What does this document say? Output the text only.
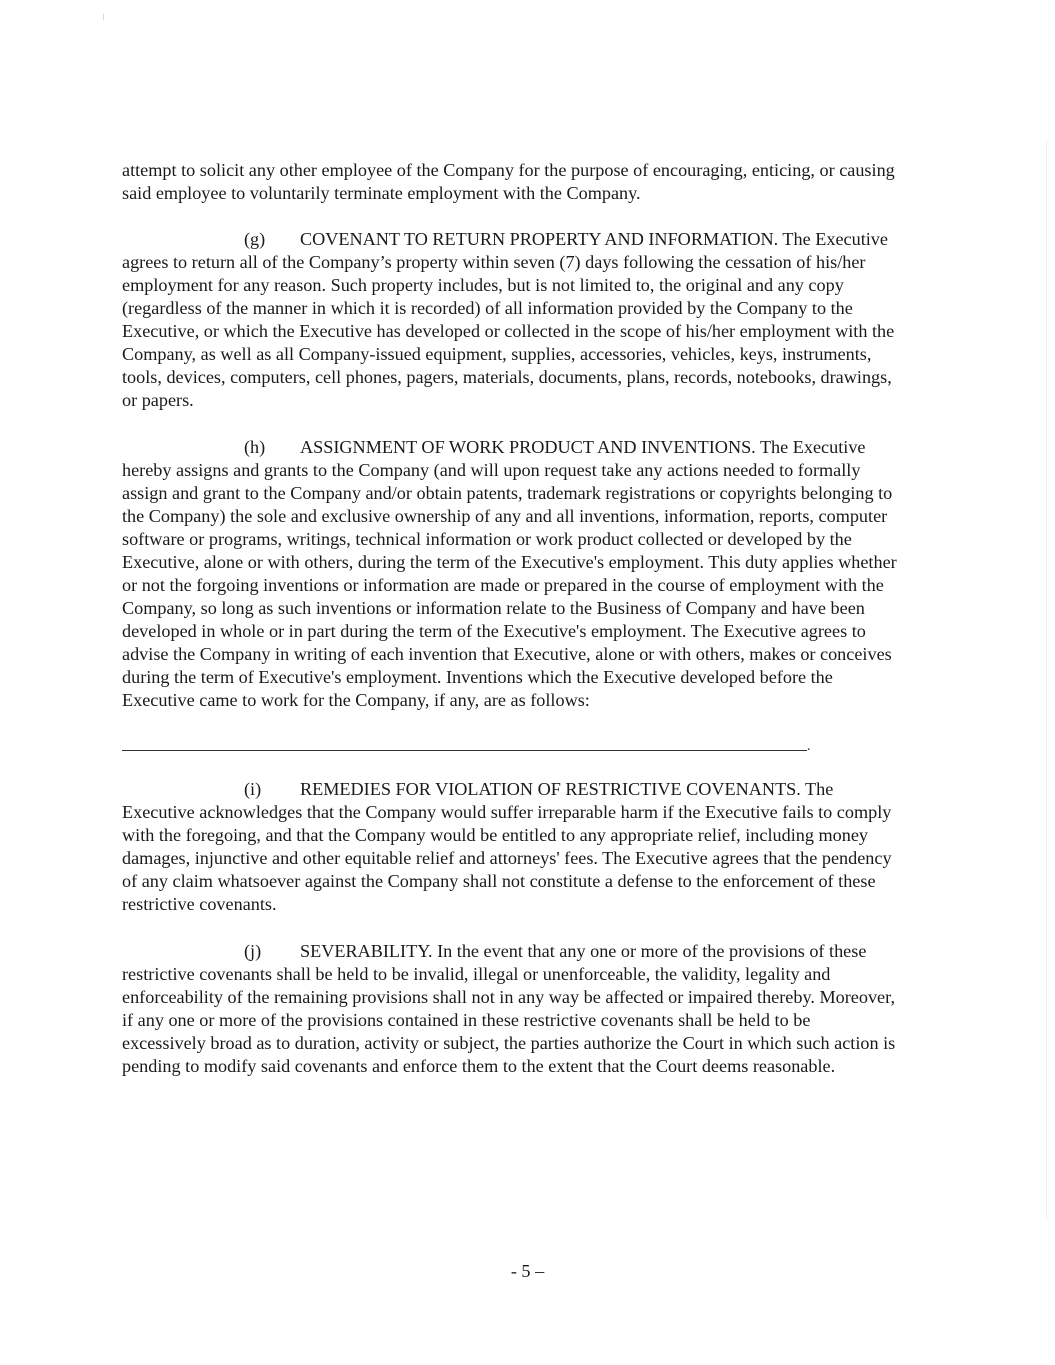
attempt to solicit any other employee of the Company for the purpose of encouraging, enticing, or causing said employee to voluntarily terminate employment with the Company.

(g) COVENANT TO RETURN PROPERTY AND INFORMATION. The Executive agrees to return all of the Company’s property within seven (7) days following the cessation of his/her employment for any reason. Such property includes, but is not limited to, the original and any copy (regardless of the manner in which it is recorded) of all information provided by the Company to the Executive, or which the Executive has developed or collected in the scope of his/her employment with the Company, as well as all Company-issued equipment, supplies, accessories, vehicles, keys, instruments, tools, devices, computers, cell phones, pagers, materials, documents, plans, records, notebooks, drawings, or papers.

(h) ASSIGNMENT OF WORK PRODUCT AND INVENTIONS. The Executive hereby assigns and grants to the Company (and will upon request take any actions needed to formally assign and grant to the Company and/or obtain patents, trademark registrations or copyrights belonging to the Company) the sole and exclusive ownership of any and all inventions, information, reports, computer software or programs, writings, technical information or work product collected or developed by the Executive, alone or with others, during the term of the Executive's employment. This duty applies whether or not the forgoing inventions or information are made or prepared in the course of employment with the Company, so long as such inventions or information relate to the Business of Company and have been developed in whole or in part during the term of the Executive's employment. The Executive agrees to advise the Company in writing of each invention that Executive, alone or with others, makes or conceives during the term of Executive's employment. Inventions which the Executive developed before the Executive came to work for the Company, if any, are as follows:

.

(i) REMEDIES FOR VIOLATION OF RESTRICTIVE COVENANTS. The Executive acknowledges that the Company would suffer irreparable harm if the Executive fails to comply with the foregoing, and that the Company would be entitled to any appropriate relief, including money damages, injunctive and other equitable relief and attorneys' fees. The Executive agrees that the pendency of any claim whatsoever against the Company shall not constitute a defense to the enforcement of these restrictive covenants.

(j) SEVERABILITY. In the event that any one or more of the provisions of these restrictive covenants shall be held to be invalid, illegal or unenforceable, the validity, legality and enforceability of the remaining provisions shall not in any way be affected or impaired thereby. Moreover, if any one or more of the provisions contained in these restrictive covenants shall be held to be excessively broad as to duration, activity or subject, the parties authorize the Court in which such action is pending to modify said covenants and enforce them to the extent that the Court deems reasonable.

- 5 –
